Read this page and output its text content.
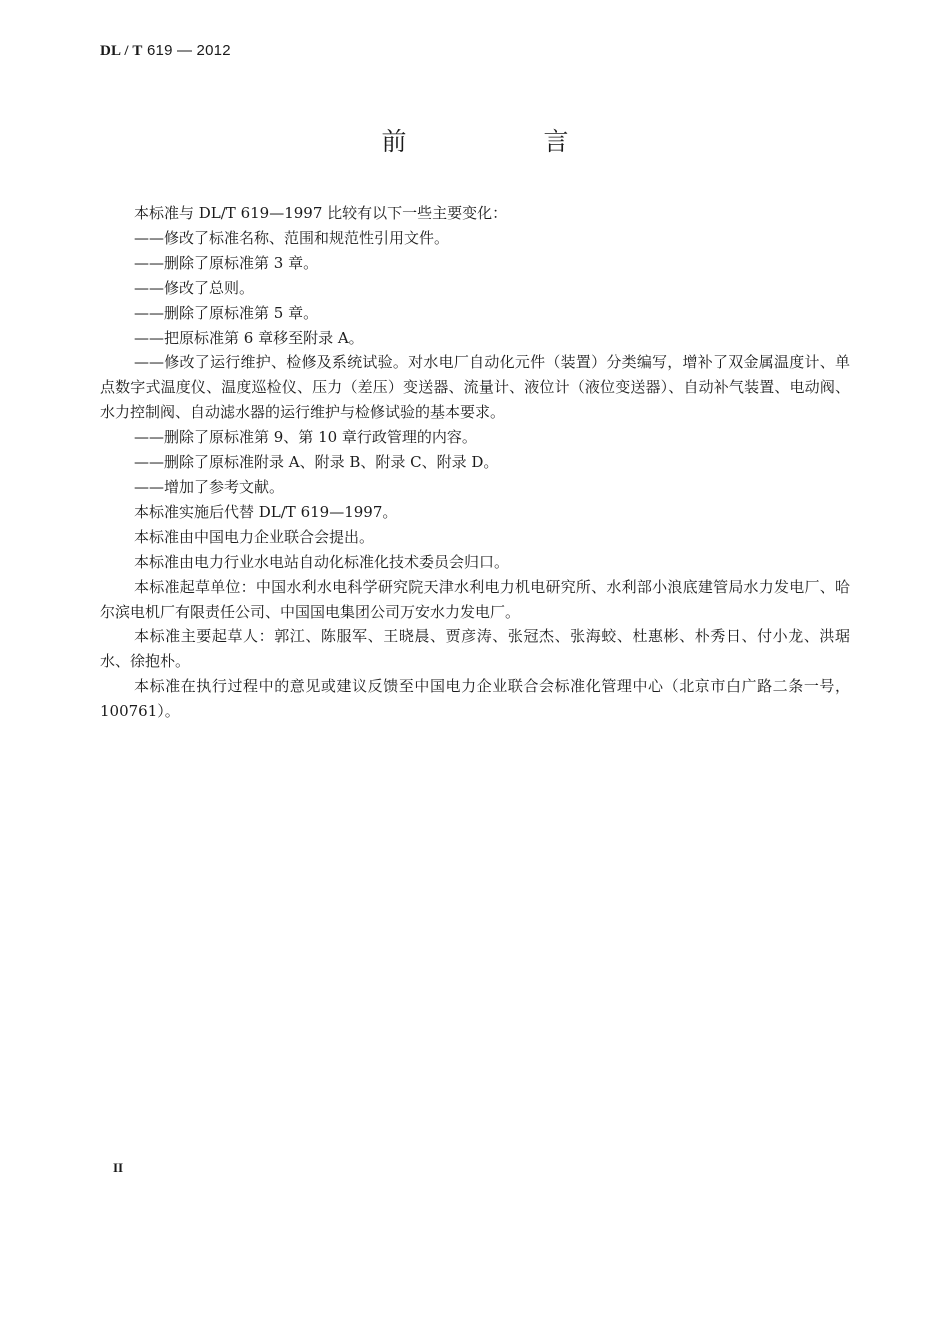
DL / T 619 — 2012
前　言

本标准与 DL/T 619—1997 比较有以下一些主要变化：

——修改了标准名称、范围和规范性引用文件。

——删除了原标准第 3 章。

——修改了总则。

——删除了原标准第 5 章。

——把原标准第 6 章移至附录 A。

——修改了运行维护、检修及系统试验。对水电厂自动化元件（装置）分类编写，增补了双金属温度计、单点数字式温度仪、温度巡检仪、压力（差压）变送器、流量计、液位计（液位变送器）、自动补气装置、电动阀、水力控制阀、自动滤水器的运行维护与检修试验的基本要求。

——删除了原标准第 9、第 10 章行政管理的内容。

——删除了原标准附录 A、附录 B、附录 C、附录 D。

——增加了参考文献。

本标准实施后代替 DL/T 619—1997。

本标准由中国电力企业联合会提出。

本标准由电力行业水电站自动化标准化技术委员会归口。

本标准起草单位：中国水利水电科学研究院天津水利电力机电研究所、水利部小浪底建管局水力发电厂、哈尔滨电机厂有限责任公司、中国国电集团公司万安水力发电厂。

本标准主要起草人：郭江、陈服军、王晓晨、贾彦涛、张冠杰、张海蛟、杜惠彬、朴秀日、付小龙、洪琚水、徐抱朴。

本标准在执行过程中的意见或建议反馈至中国电力企业联合会标准化管理中心（北京市白广路二条一号，100761）。

II
